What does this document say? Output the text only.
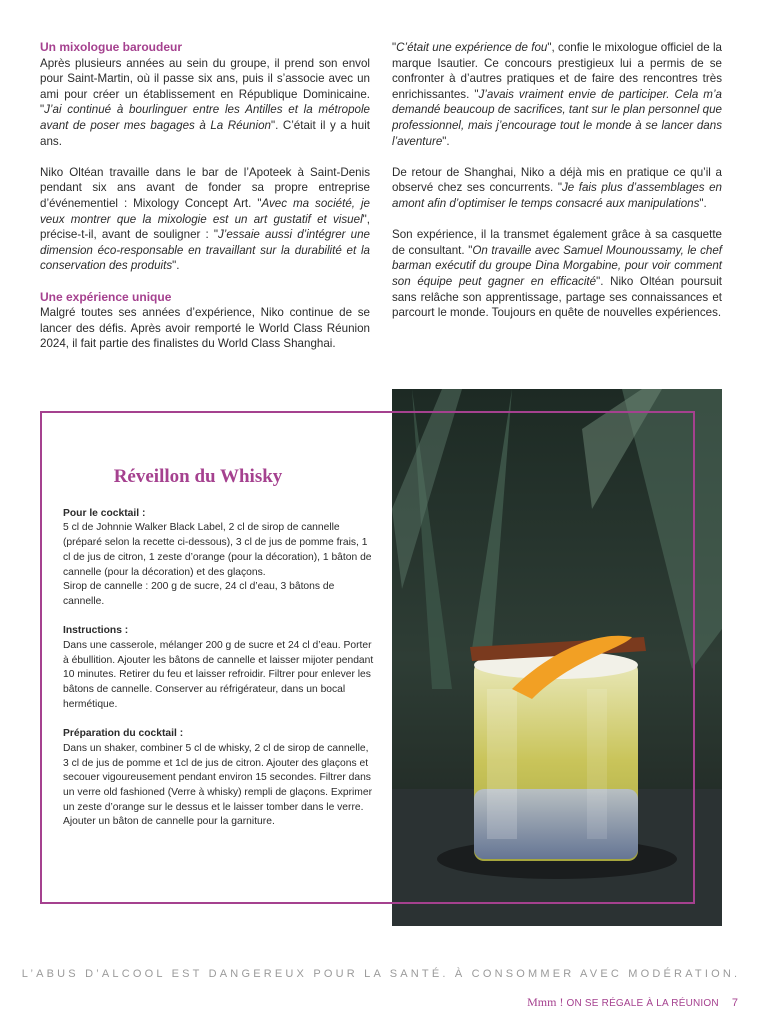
Un mixologue baroudeur

Après plusieurs années au sein du groupe, il prend son envol pour Saint-Martin, où il passe six ans, puis il s’associe avec un ami pour créer un établissement en République Dominicaine. "J’ai continué à bourlinguer entre les Antilles et la métropole avant de poser mes bagages à La Réunion". C’était il y a huit ans.

Niko Oltéan travaille dans le bar de l’Apoteek à Saint-Denis pendant six ans avant de fonder sa propre entreprise d’événementiel : Mixology Concept Art. "Avec ma société, je veux montrer que la mixologie est un art gustatif et visuel", précise-t-il, avant de souligner : "J’essaie aussi d’intégrer une dimension éco-responsable en travaillant sur la durabilité et la conservation des produits".

Une expérience unique

Malgré toutes ses années d’expérience, Niko continue de se lancer des défis. Après avoir remporté le World Class Réunion 2024, il fait partie des finalistes du World Class Shanghai.

"C’était une expérience de fou", confie le mixologue officiel de la marque Isautier. Ce concours prestigieux lui a permis de se confronter à d’autres pratiques et de faire des rencontres très enrichissantes. "J’avais vraiment envie de participer. Cela m’a demandé beaucoup de sacrifices, tant sur le plan personnel que professionnel, mais j’encourage tout le monde à se lancer dans l’aventure".

De retour de Shanghai, Niko a déjà mis en pratique ce qu’il a observé chez ses concurrents. "Je fais plus d’assemblages en amont afin d’optimiser le temps consacré aux manipulations".

Son expérience, il la transmet également grâce à sa casquette de consultant. "On travaille avec Samuel Mounoussamy, le chef barman exécutif du groupe Dina Morgabine, pour voir comment son équipe peut gagner en efficacité". Niko Oltéan poursuit sans relâche son apprentissage, partage ses connaissances et parcourt le monde. Toujours en quête de nouvelles expériences.

Réveillon du Whisky
Pour le cocktail :
5 cl de Johnnie Walker Black Label, 2 cl de sirop de cannelle (préparé selon la recette ci-dessous), 3 cl de jus de pomme frais, 1 cl de jus de citron, 1 zeste d’orange (pour la décoration), 1 bâton de cannelle (pour la décoration) et des glaçons.

Sirop de cannelle : 200 g de sucre, 24 cl d’eau, 3 bâtons de cannelle.

Instructions :

Dans une casserole, mélanger 200 g de sucre et 24 cl d’eau. Porter à ébullition. Ajouter les bâtons de cannelle et laisser mijoter pendant 10 minutes. Retirer du feu et laisser refroidir. Filtrer pour enlever les bâtons de cannelle. Conserver au réfrigérateur, dans un bocal hermétique.

Préparation du cocktail :

Dans un shaker, combiner 5 cl de whisky, 2 cl de sirop de cannelle, 3 cl de jus de pomme et 1cl de jus de citron. Ajouter des glaçons et secouer vigoureusement pendant environ 15 secondes. Filtrer dans un verre old fashioned (Verre à whisky) rempli de glaçons. Exprimer un zeste d’orange sur le dessus et le laisser tomber dans le verre. Ajouter un bâton de cannelle pour la garniture.

L’ABUS D’ALCOOL EST DANGEREUX POUR LA SANTÉ. À CONSOMMER AVEC MODÉRATION.
Mmm ! ON SE RÉGALE À LA RÉUNION 7
